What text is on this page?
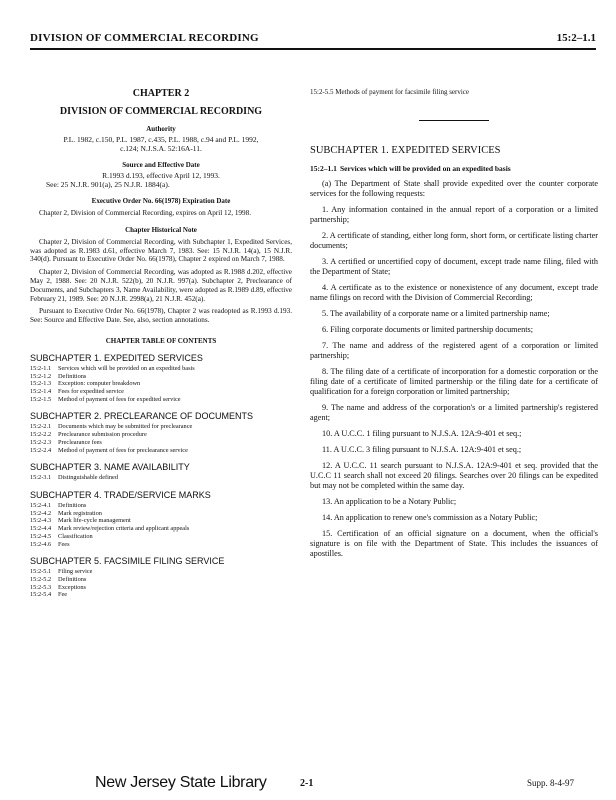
DIVISION OF COMMERCIAL RECORDING	15:2–1.1
CHAPTER 2
DIVISION OF COMMERCIAL RECORDING
Authority
P.L. 1982, c.150, P.L. 1987, c.435, P.L. 1988, c.94 and P.L. 1992, c.124; N.J.S.A. 52:16A-11.
Source and Effective Date
R.1993 d.193, effective April 12, 1993.
See: 25 N.J.R. 901(a), 25 N.J.R. 1884(a).
Executive Order No. 66(1978) Expiration Date

Chapter 2, Division of Commercial Recording, expires on April 12, 1998.

Chapter Historical Note

Chapter 2, Division of Commercial Recording, with Subchapter 1, Expedited Services, was adopted as R.1983 d.61, effective March 7, 1983. See: 15 N.J.R. 14(a), 15 N.J.R. 340(d). Pursuant to Executive Order No. 66(1978), Chapter 2 expired on March 7, 1988.

Chapter 2, Division of Commercial Recording, was adopted as R.1988 d.202, effective May 2, 1988. See: 20 N.J.R. 522(b), 20 N.J.R. 997(a). Subchapter 2, Preclearance of Documents, and Subchapters 3, Name Availability, were adopted as R.1989 d.89, effective February 21, 1989. See: 20 N.J.R. 2998(a), 21 N.J.R. 452(a).

Pursuant to Executive Order No. 66(1978), Chapter 2 was readopted as R.1993 d.193. See: Source and Effective Date. See, also, section annotations.

CHAPTER TABLE OF CONTENTS
SUBCHAPTER 1. EXPEDITED SERVICES
15:2-1.1 Services which will be provided on an expedited basis
15:2-1.2 Definitions
15:2-1.3 Exception: computer breakdown
15:2-1.4 Fees for expedited service
15:2-1.5 Method of payment of fees for expedited service
SUBCHAPTER 2. PRECLEARANCE OF DOCUMENTS
15:2-2.1 Documents which may be submitted for preclearance
15:2-2.2 Preclearance submission procedure
15:2-2.3 Preclearance fees
15:2-2.4 Method of payment of fees for preclearance service
SUBCHAPTER 3. NAME AVAILABILITY
15:2-3.1 Distinguishable defined
SUBCHAPTER 4. TRADE/SERVICE MARKS
15:2-4.1 Definitions
15:2-4.2 Mark registration
15:2-4.3 Mark life-cycle management
15:2-4.4 Mark review/rejection criteria and applicant appeals
15:2-4.5 Classification
15:2-4.6 Fees
SUBCHAPTER 5. FACSIMILE FILING SERVICE
15:2-5.1 Filing service
15:2-5.2 Definitions
15:2-5.3 Exceptions
15:2-5.4 Fee
15:2-5.5 Methods of payment for facsimile filing service
SUBCHAPTER 1. EXPEDITED SERVICES
15:2–1.1 Services which will be provided on an expedited basis

(a) The Department of State shall provide expedited over the counter corporate services for the following requests:

1. Any information contained in the annual report of a corporation or a limited partnership;

2. A certificate of standing, either long form, short form, or certificate listing charter documents;

3. A certified or uncertified copy of document, except trade name filing, filed with the Department of State;

4. A certificate as to the existence or nonexistence of any document, except trade name filings on record with the Division of Commercial Recording;

5. The availability of a corporate name or a limited partnership name;

6. Filing corporate documents or limited partnership documents;

7. The name and address of the registered agent of a corporation or limited partnership;

8. The filing date of a certificate of incorporation for a domestic corporation or the filing date of a certificate of limited partnership or the filing date for a certificate of qualification for a foreign corporation or limited partnership;

9. The name and address of the corporation's or a limited partnership's registered agent;

10. A U.C.C. 1 filing pursuant to N.J.S.A. 12A:9-401 et seq.;

11. A U.C.C. 3 filing pursuant to N.J.S.A. 12A:9-401 et seq.;

12. A U.C.C. 11 search pursuant to N.J.S.A. 12A:9-401 et seq. provided that the U.C.C 11 search shall not exceed 20 filings. Searches over 20 filings can be expedited but may not be completed within the same day.

13. An application to be a Notary Public;

14. An application to renew one's commission as a Notary Public;

15. Certification of an official signature on a document, when the official's signature is on file with the Department of State. This includes the issuances of apostilles.

New Jersey State Library	2-1	Supp. 8-4-97
